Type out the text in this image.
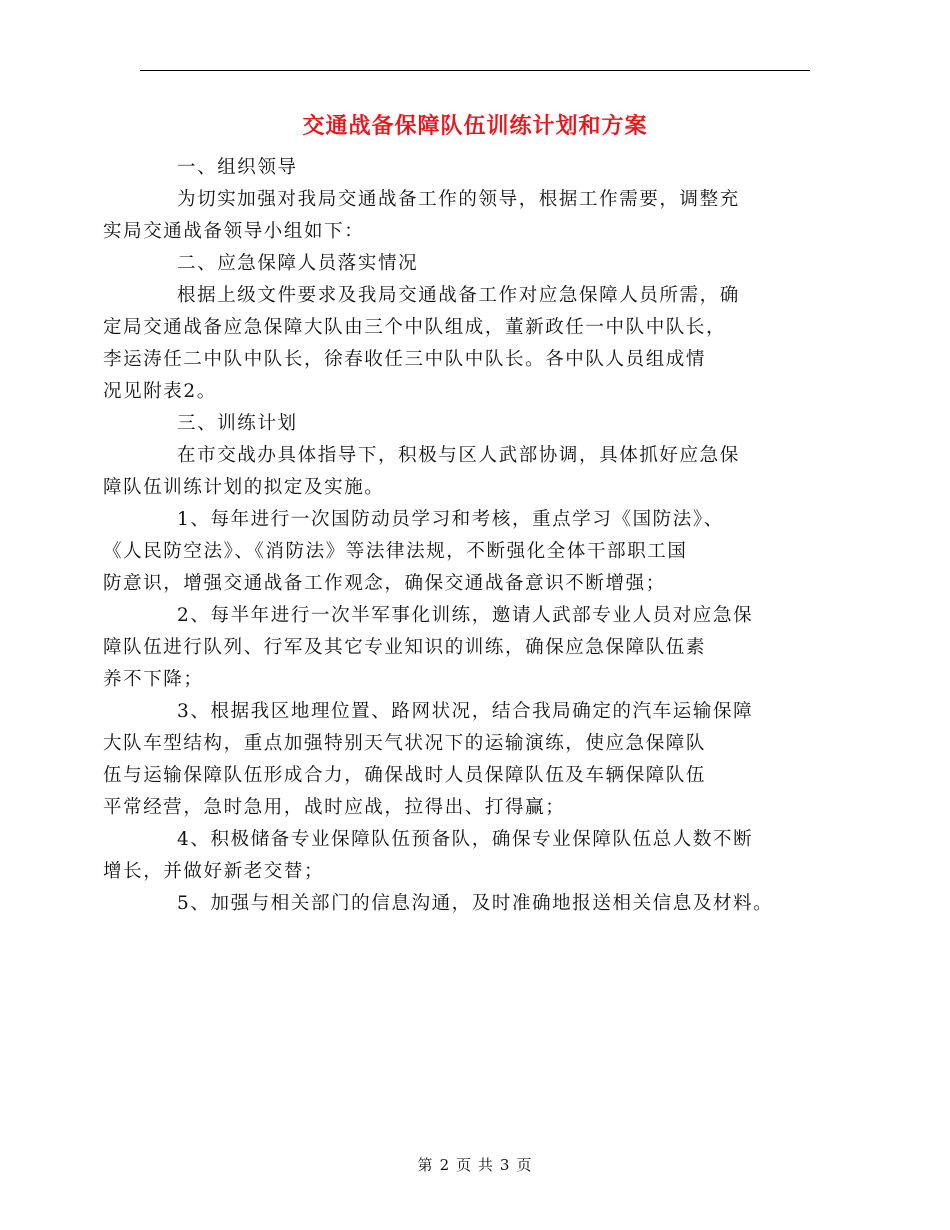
交通战备保障队伍训练计划和方案

一、组织领导

为切实加强对我局交通战备工作的领导，根据工作需要，调整充
实局交通战备领导小组如下：

二、应急保障人员落实情况

根据上级文件要求及我局交通战备工作对应急保障人员所需，确
定局交通战备应急保障大队由三个中队组成，董新政任一中队中队长，
李运涛任二中队中队长，徐春收任三中队中队长。各中队人员组成情
况见附表2。

三、训练计划

在市交战办具体指导下，积极与区人武部协调，具体抓好应急保
障队伍训练计划的拟定及实施。

1、每年进行一次国防动员学习和考核，重点学习《国防法》、
《人民防空法》、《消防法》等法律法规，不断强化全体干部职工国
防意识，增强交通战备工作观念，确保交通战备意识不断增强；

2、每半年进行一次半军事化训练，邀请人武部专业人员对应急保
障队伍进行队列、行军及其它专业知识的训练，确保应急保障队伍素
养不下降；

3、根据我区地理位置、路网状况，结合我局确定的汽车运输保障
大队车型结构，重点加强特别天气状况下的运输演练，使应急保障队
伍与运输保障队伍形成合力，确保战时人员保障队伍及车辆保障队伍
平常经营，急时急用，战时应战，拉得出、打得赢；

4、积极储备专业保障队伍预备队，确保专业保障队伍总人数不断
增长，并做好新老交替；

5、加强与相关部门的信息沟通，及时准确地报送相关信息及材料。

第 2 页 共 3 页
